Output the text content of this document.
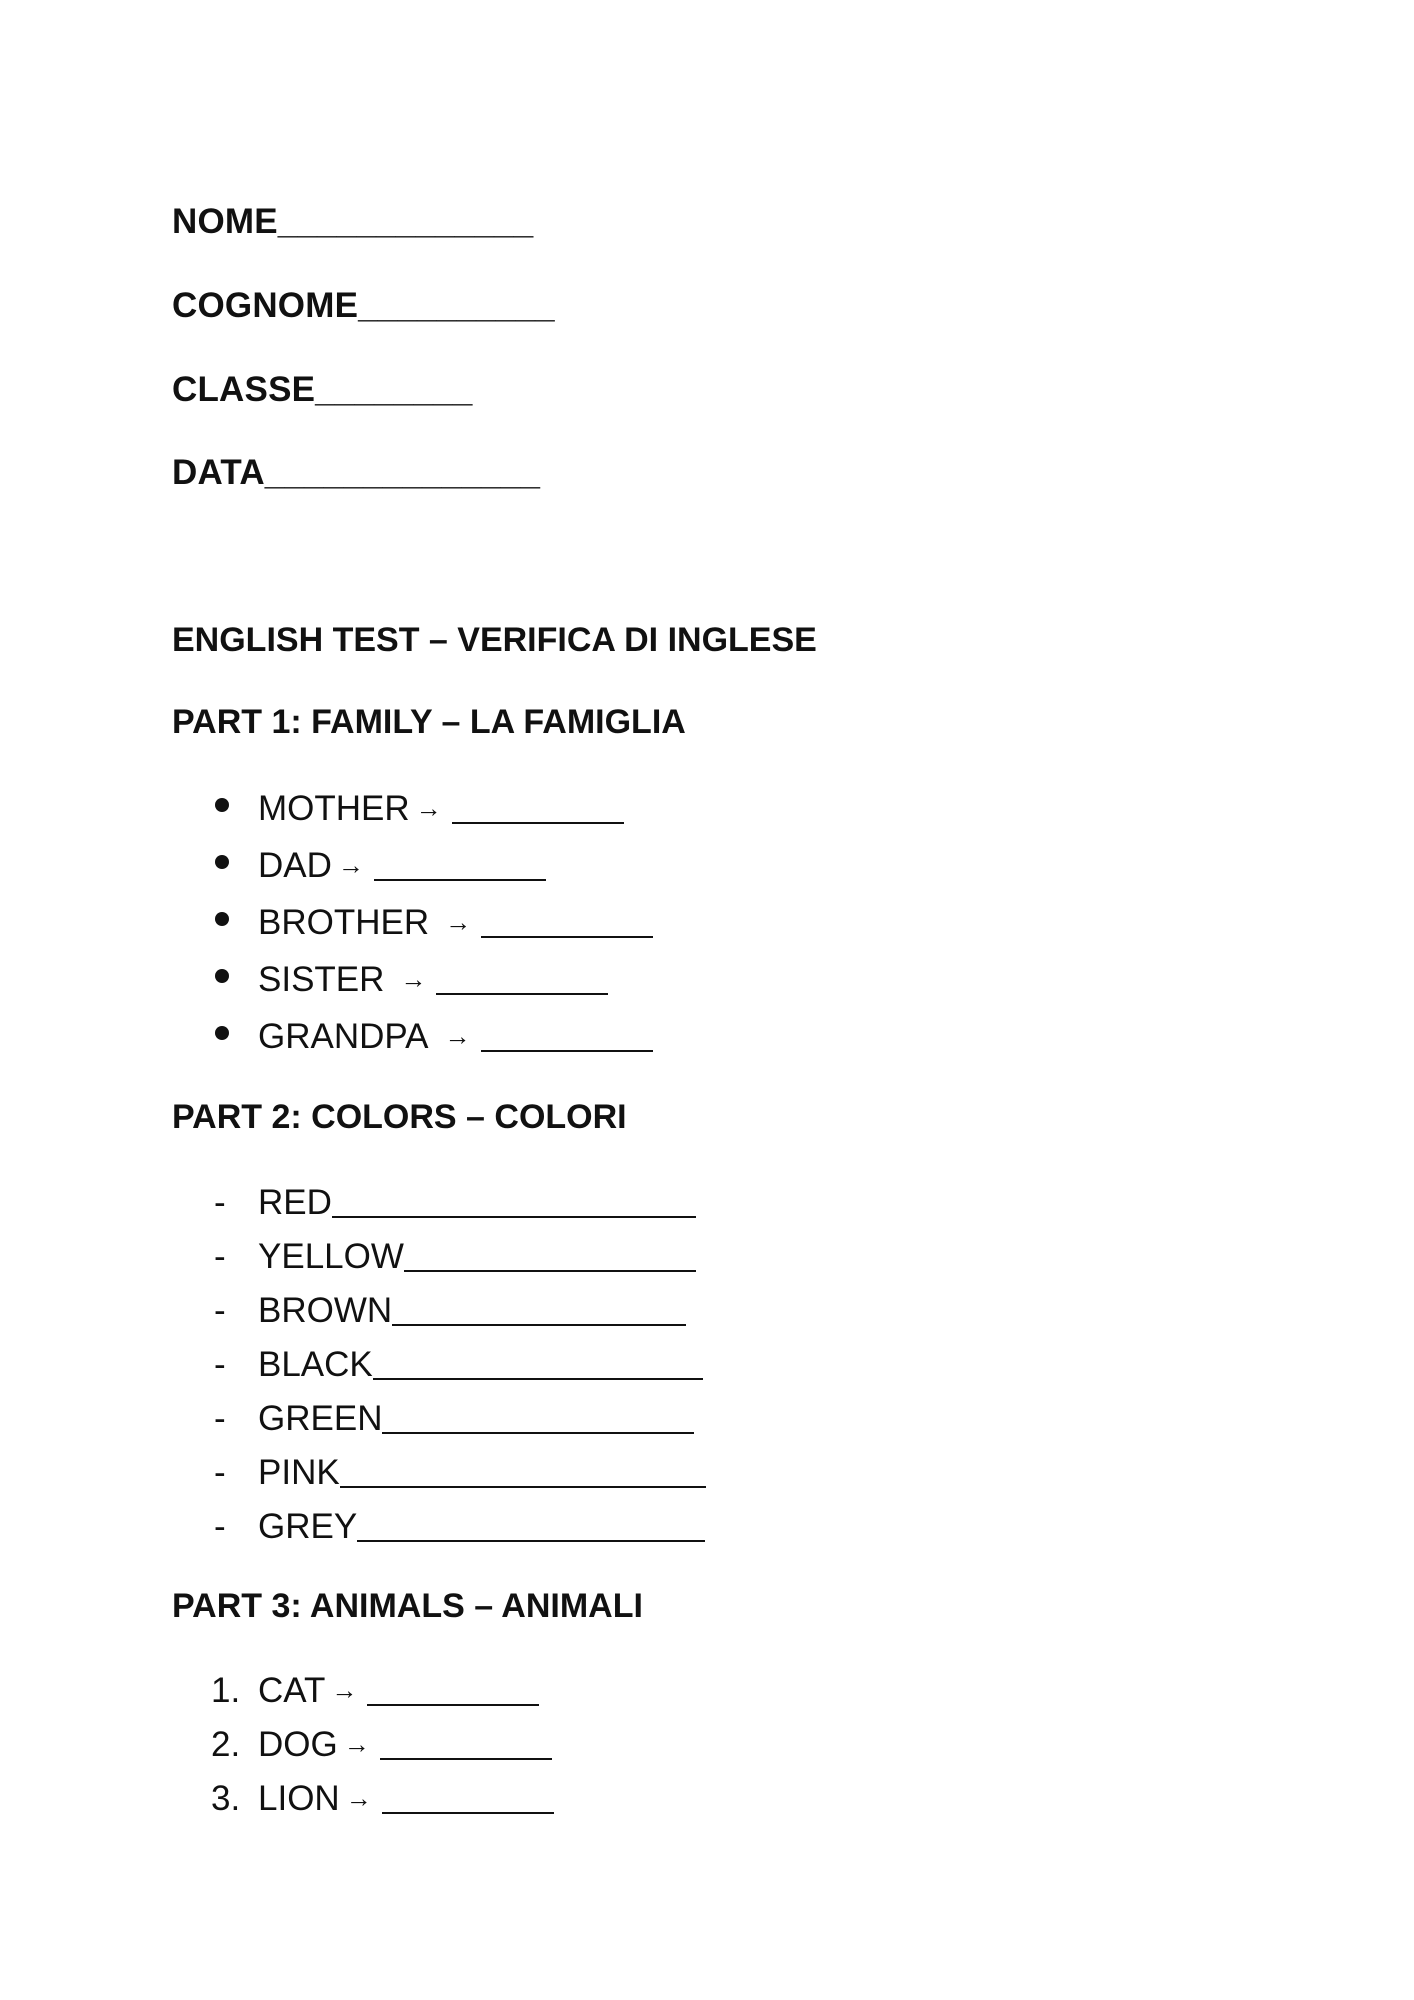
NOME_____________
COGNOME__________
CLASSE________
DATA______________
ENGLISH TEST – VERIFICA DI INGLESE
PART 1: FAMILY – LA FAMIGLIA
MOTHER →
DAD →
BROTHER →
SISTER →
GRANDPA →
PART 2: COLORS – COLORI
- RED
- YELLOW
- BROWN
- BLACK
- GREEN
- PINK
- GREY
PART 3: ANIMALS – ANIMALI
1. CAT →
2. DOG →
3. LION →
